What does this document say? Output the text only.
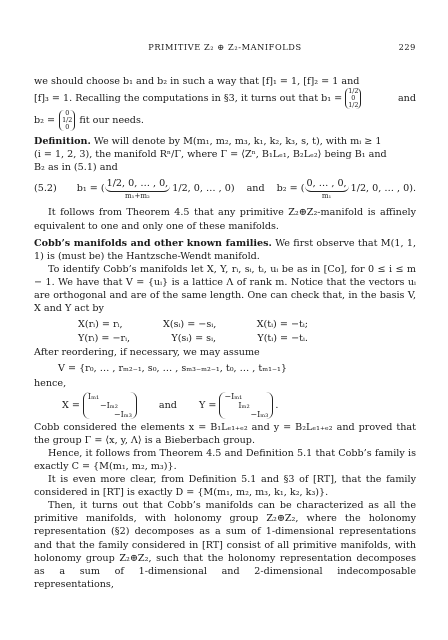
PRIMITIVE Z₂ ⊕ Z₂-MANIFOLDS	229

we should choose b₁ and b₂ in such a way that [f]₁ = 1, [f]₂ = 1 and

[f]₃ = 1. Recalling the computations in §3, it turns out that b₁ =
1/2
0
1/2
and
b₂ =
0
1/2
0
fit our needs.

Definition. We will denote by M(m₁, m₂, m₃, k₁, k₂, k₃, s, t), with mᵢ ≥ 1

(i = 1, 2, 3), the manifold Rⁿ/Γ, where Γ = ⟨Zⁿ, B₁Lₑ₁, B₂Lₑ₂⟩ being B₁ and

B₂ as in (5.1) and

(5.2)	b₁ = ( 1/2, 0, … , 0,
m₁+m₂
1/2, 0, … , 0) and b₂ = ( 0, … , 0,
m₁
1/2, 0, … , 0).

It follows from Theorem 4.5 that any primitive Z₂⊕Z₂-manifold is affinely equivalent to one and only one of these manifolds.

Cobb’s manifolds and other known families. We first observe that M(1, 1, 1) is (must be) the Hantzsche-Wendt manifold.

To identify Cobb’s manifolds let X, Y, rᵢ, sᵢ, tᵢ, uᵢ be as in [Co], for 0 ≤ i ≤ m − 1. We have that V = {uᵢ} is a lattice Λ of rank m. Notice that the vectors uᵢ are orthogonal and are of the same length. One can check that, in the basis V, X and Y act by

X(rᵢ) = rᵢ,	X(sᵢ) = −sᵢ,	X(tᵢ) = −tᵢ;
Y(rᵢ) = −rᵢ,	Y(sᵢ) = sᵢ,	Y(tᵢ) = −tᵢ.

After reordering, if necessary, we may assume

V = {r₀, … , rₘ₂₋₁, s₀, … , sₘ₃₋ₘ₂₋₁, t₀, … , tₘ₁₋₁}

hence,

X =
Iₘ₁
−Iₘ₂
−Iₘ₃
and Y =
−Iₘ₁
Iₘ₂
−Iₘ₃
.

Cobb considered the elements x = B₁Lₑ₁₊ₑ₂ and y = B₂Lₑ₁₊ₑ₂ and proved that the group Γ = ⟨x, y, Λ⟩ is a Bieberbach group.

Hence, it follows from Theorem 4.5 and Definition 5.1 that Cobb’s family is exactly C = {M(m₁, m₂, m₃)}.

It is even more clear, from Definition 5.1 and §3 of [RT], that the family considered in [RT] is exactly D = {M(m₁, m₂, m₃, k₁, k₂, k₃)}.

Then, it turns out that Cobb’s manifolds can be characterized as all the primitive manifolds, with holonomy group Z₂⊕Z₂, where the holonomy representation (§2) decomposes as a sum of 1-dimensional representations and that the family considered in [RT] consist of all primitive manifolds, with holonomy group Z₂⊕Z₂, such that the holonomy representation decomposes as a sum of 1-dimensional and 2-dimensional indecomposable representations,
